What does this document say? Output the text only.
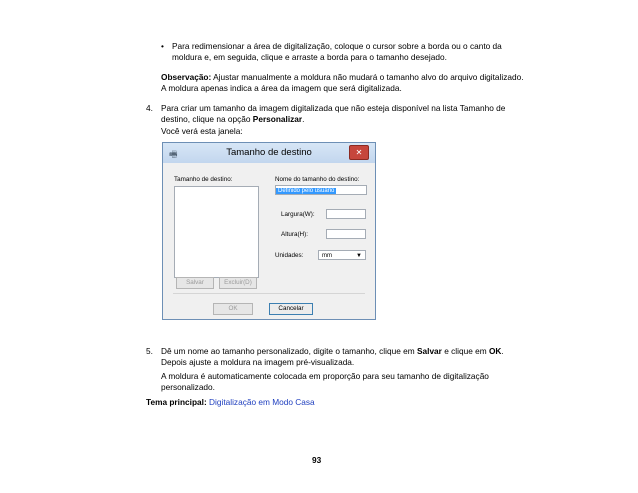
• Para redimensionar a área de digitalização, coloque o cursor sobre a borda ou o canto da
moldura e, em seguida, clique e arraste a borda para o tamanho desejado.
Observação: Ajustar manualmente a moldura não mudará o tamanho alvo do arquivo digitalizado.
A moldura apenas indica a área da imagem que será digitalizada.
4. Para criar um tamanho da imagem digitalizada que não esteja disponível na lista Tamanho de
destino, clique na opção Personalizar.
Você verá esta janela:
🖷	Tamanho de destino	✕
Tamanho de destino:	Nome do tamanho do destino:
Definido pelo usuário
Largura(W):
Altura(H):
Unidades:	mm	▼
Salvar	Excluir(D)
OK	Cancelar
5. Dê um nome ao tamanho personalizado, digite o tamanho, clique em Salvar e clique em OK.
Depois ajuste a moldura na imagem pré-visualizada.
A moldura é automaticamente colocada em proporção para seu tamanho de digitalização
personalizado.
Tema principal: Digitalização em Modo Casa
93
